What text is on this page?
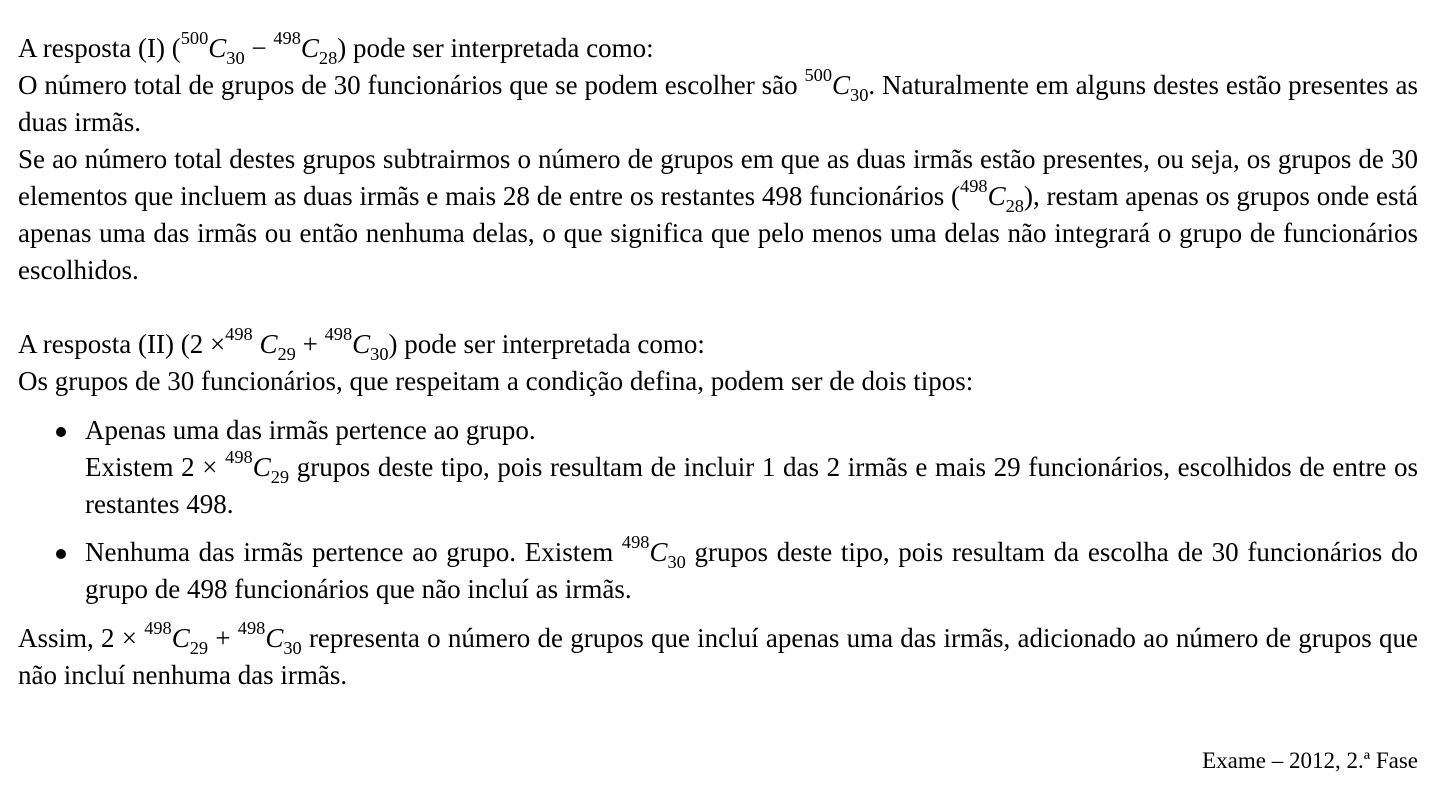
A resposta (I) $(^{500}C_{30} - ^{498}C_{28})$ pode ser interpretada como:

O número total de grupos de 30 funcionários que se podem escolher são $^{500}C_{30}$. Naturalmente em alguns destes estão presentes as duas irmãs.

Se ao número total destes grupos subtrairmos o número de grupos em que as duas irmãs estão presentes, ou seja, os grupos de 30 elementos que incluem as duas irmãs e mais 28 de entre os restantes 498 funcionários $(^{498}C_{28})$, restam apenas os grupos onde está apenas uma das irmãs ou então nenhuma delas, o que significa que pelo menos uma delas não integrará o grupo de funcionários escolhidos.

A resposta (II) (2 ×$^{498}$ $C_{29} + ^{498}C_{30}$) pode ser interpretada como:

Os grupos de 30 funcionários, que respeitam a condição defina, podem ser de dois tipos:

Apenas uma das irmãs pertence ao grupo.
Existem $2 \times ^{498}C_{29}$ grupos deste tipo, pois resultam de incluir 1 das 2 irmãs e mais 29 funcionários, escolhidos de entre os restantes 498.
Nenhuma das irmãs pertence ao grupo. Existem $^{498}C_{30}$ grupos deste tipo, pois resultam da escolha de 30 funcionários do grupo de 498 funcionários que não incluí as irmãs.

Assim, $2 \times ^{498}C_{29} + ^{498}C_{30}$ representa o número de grupos que incluí apenas uma das irmãs, adicionado ao número de grupos que não incluí nenhuma das irmãs.

Exame – 2012, 2.ª Fase
